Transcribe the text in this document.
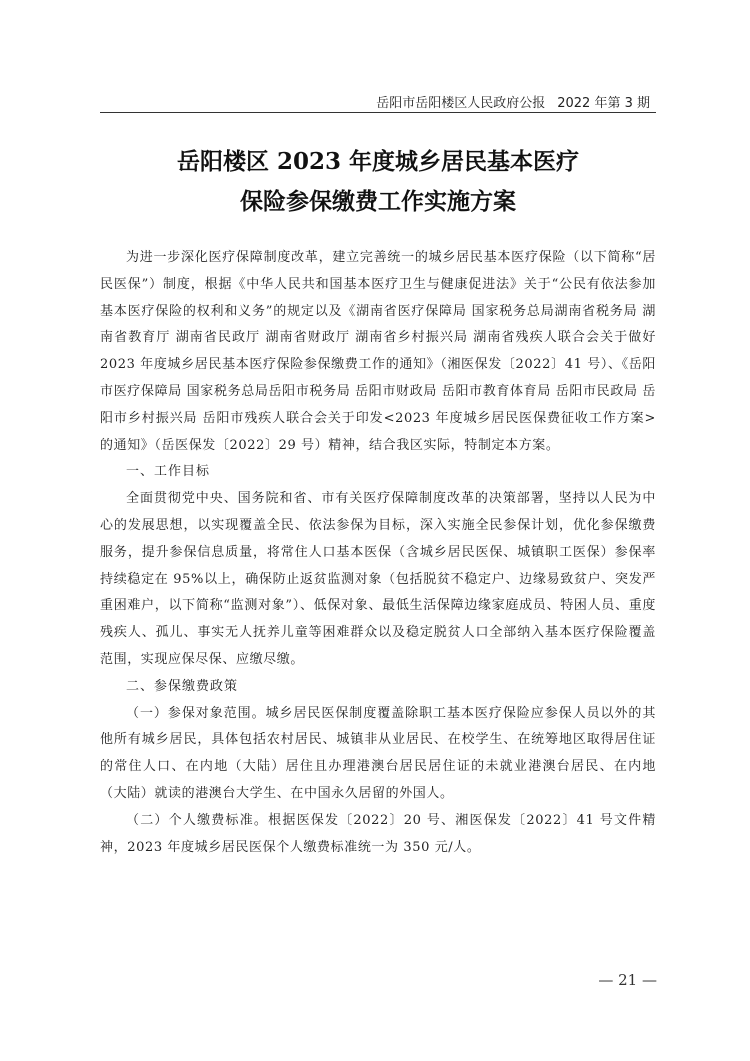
岳阳市岳阳楼区人民政府公报 2022 年第 3 期
岳阳楼区 2023 年度城乡居民基本医疗
保险参保缴费工作实施方案

为进一步深化医疗保障制度改革，建立完善统一的城乡居民基本医疗保险（以下简称“居民医保”）制度，根据《中华人民共和国基本医疗卫生与健康促进法》关于“公民有依法参加基本医疗保险的权利和义务”的规定以及《湖南省医疗保障局 国家税务总局湖南省税务局 湖南省教育厅 湖南省民政厅 湖南省财政厅 湖南省乡村振兴局 湖南省残疾人联合会关于做好 2023 年度城乡居民基本医疗保险参保缴费工作的通知》（湘医保发〔2022〕41 号）、《岳阳市医疗保障局 国家税务总局岳阳市税务局 岳阳市财政局 岳阳市教育体育局 岳阳市民政局 岳阳市乡村振兴局 岳阳市残疾人联合会关于印发<2023 年度城乡居民医保费征收工作方案>的通知》（岳医保发〔2022〕29 号）精神，结合我区实际，特制定本方案。

一、工作目标

全面贯彻党中央、国务院和省、市有关医疗保障制度改革的决策部署，坚持以人民为中心的发展思想，以实现覆盖全民、依法参保为目标，深入实施全民参保计划，优化参保缴费服务，提升参保信息质量，将常住人口基本医保（含城乡居民医保、城镇职工医保）参保率持续稳定在 95%以上，确保防止返贫监测对象（包括脱贫不稳定户、边缘易致贫户、突发严重困难户，以下简称“监测对象”）、低保对象、最低生活保障边缘家庭成员、特困人员、重度残疾人、孤儿、事实无人抚养儿童等困难群众以及稳定脱贫人口全部纳入基本医疗保险覆盖范围，实现应保尽保、应缴尽缴。

二、参保缴费政策

（一）参保对象范围。城乡居民医保制度覆盖除职工基本医疗保险应参保人员以外的其他所有城乡居民，具体包括农村居民、城镇非从业居民、在校学生、在统筹地区取得居住证的常住人口、在内地（大陆）居住且办理港澳台居民居住证的未就业港澳台居民、在内地（大陆）就读的港澳台大学生、在中国永久居留的外国人。

（二）个人缴费标准。根据医保发〔2022〕20 号、湘医保发〔2022〕41 号文件精神，2023 年度城乡居民医保个人缴费标准统一为 350 元/人。

— 21 —
